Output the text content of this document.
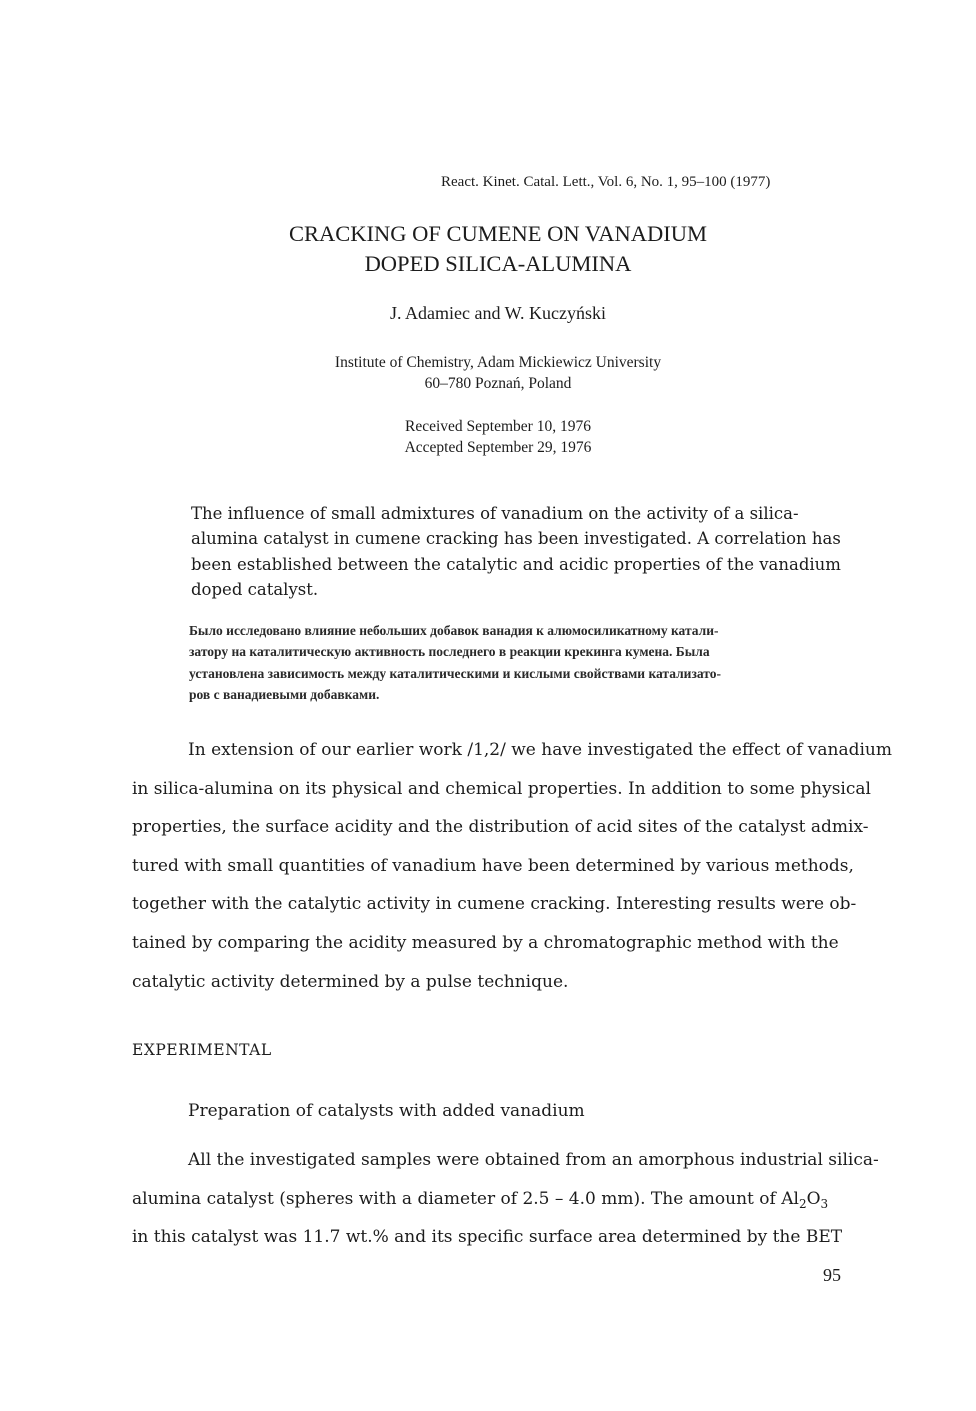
React. Kinet. Catal. Lett., Vol. 6, No. 1, 95–100 (1977)

CRACKING OF CUMENE ON VANADIUM
DOPED SILICA-ALUMINA

J. Adamiec and W. Kuczyński

Institute of Chemistry, Adam Mickiewicz University
60–780 Poznań, Poland

Received September 10, 1976
Accepted September 29, 1976

The influence of small admixtures of vanadium on the activity of a silica-
alumina catalyst in cumene cracking has been investigated. A correlation has
been established between the catalytic and acidic properties of the vanadium
doped catalyst.
Было исследовано влияние небольших добавок ванадия к алюмосиликатному катали-
затору на каталитическую активность последнего в реакции крекинга кумена. Была
установлена зависимость между каталитическими и кислыми свойствами катализато-
ров с ванадиевыми добавками.
In extension of our earlier work /1,2/ we have investigated the effect of vanadium
in silica-alumina on its physical and chemical properties. In addition to some physical
properties, the surface acidity and the distribution of acid sites of the catalyst admix-
tured with small quantities of vanadium have been determined by various methods,
together with the catalytic activity in cumene cracking. Interesting results were ob-
tained by comparing the acidity measured by a chromatographic method with the
catalytic activity determined by a pulse technique.

EXPERIMENTAL

Preparation of catalysts with added vanadium

All the investigated samples were obtained from an amorphous industrial silica-
alumina catalyst (spheres with a diameter of 2.5 – 4.0 mm). The amount of $Al_2O_3$
in this catalyst was 11.7 wt.% and its specific surface area determined by the BET

95
